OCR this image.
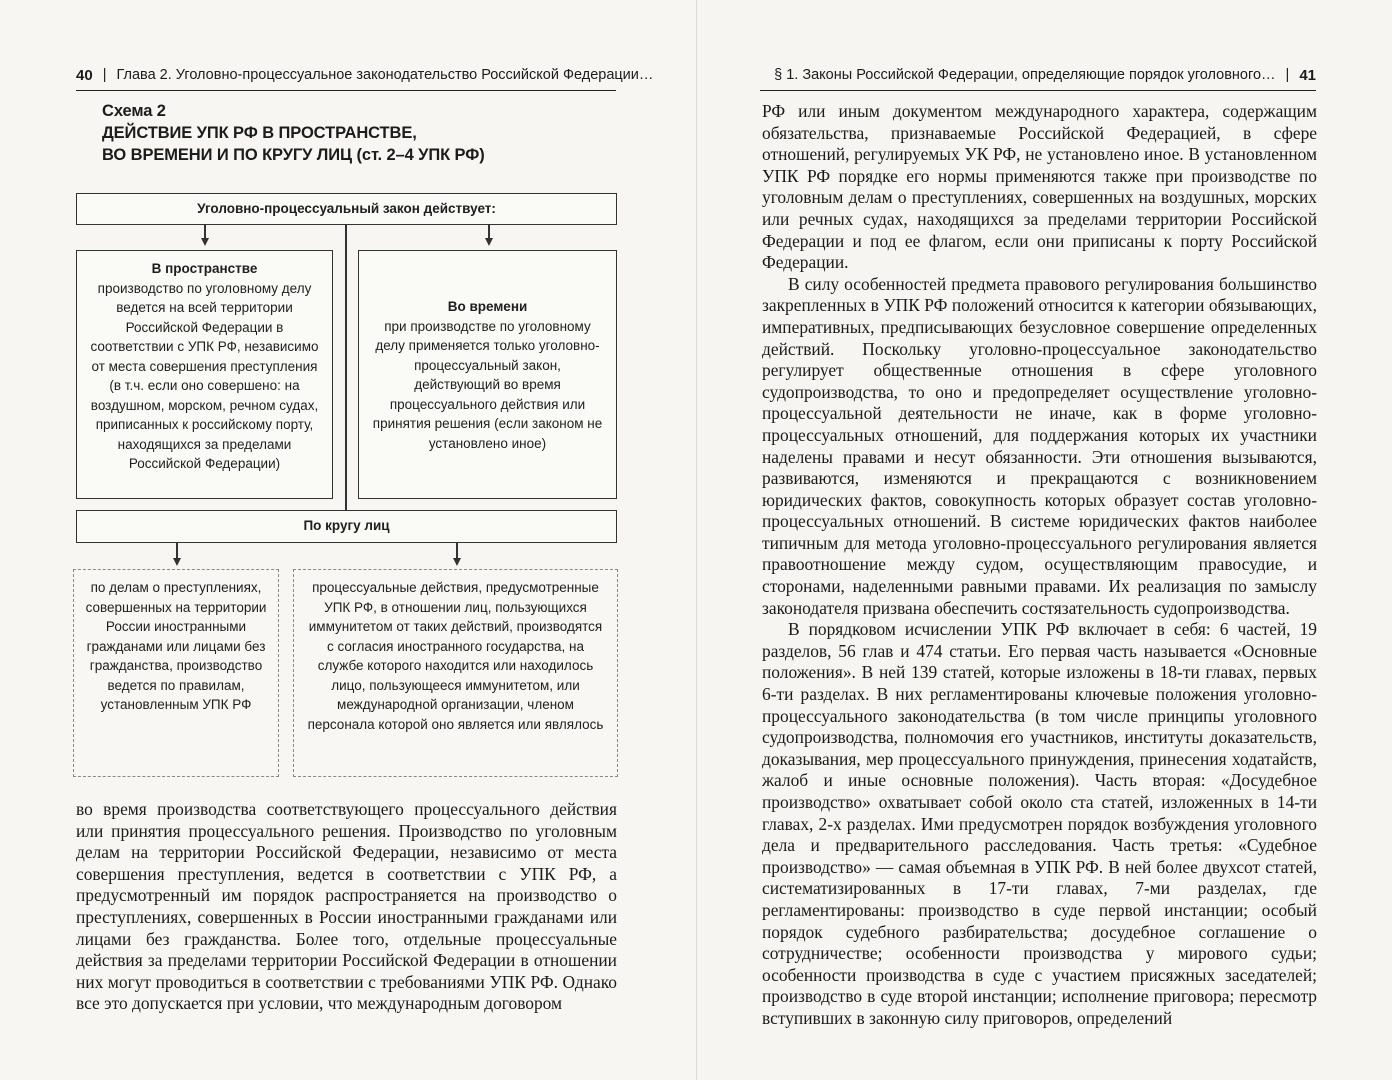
40 | Глава 2. Уголовно-процессуальное законодательство Российской Федерации…
Схема 2
ДЕЙСТВИЕ УПК РФ В ПРОСТРАНСТВЕ,
ВО ВРЕМЕНИ И ПО КРУГУ ЛИЦ (ст. 2–4 УПК РФ)
Уголовно-процессуальный закон действует:
В пространстве
производство по уголовному делу ведется на всей территории Российской Федерации в соответствии с УПК РФ, независимо от места совершения преступления (в т.ч. если оно совершено: на воздушном, морском, речном судах, приписанных к российскому порту, находящихся за пределами Российской Федерации)
Во времени
при производстве по уголовному делу применяется только уголовно-процессуальный закон, действующий во время процессуального действия или принятия решения (если законом не установлено иное)
По кругу лиц
по делам о преступлениях, совершенных на территории России иностранными гражданами или лицами без гражданства, производство ведется по правилам, установленным УПК РФ
процессуальные действия, предусмотренные УПК РФ, в отношении лиц, пользующихся иммунитетом от таких действий, производятся с согласия иностранного государства, на службе которого находится или находилось лицо, пользующееся иммунитетом, или международной организации, членом персонала которой оно является или являлось

во время производства соответствующего процессуального действия или принятия процессуального решения. Производство по уголовным делам на территории Российской Федерации, независимо от места совершения преступления, ведется в соответствии с УПК РФ, а предусмотренный им порядок распространяется на производство о преступлениях, совершенных в России иностранными гражданами или лицами без гражданства. Более того, отдельные процессуальные действия за пределами территории Российской Федерации в отношении них могут проводиться в соответствии с требованиями УПК РФ. Однако все это допускается при условии, что международным договором

§ 1. Законы Российской Федерации, определяющие порядок уголовного… | 41

РФ или иным документом международного характера, содержащим обязательства, признаваемые Российской Федерацией, в сфере отношений, регулируемых УК РФ, не установлено иное. В установленном УПК РФ порядке его нормы применяются также при производстве по уголовным делам о преступлениях, совершенных на воздушных, морских или речных судах, находящихся за пределами территории Российской Федерации и под ее флагом, если они приписаны к порту Российской Федерации.

В силу особенностей предмета правового регулирования большинство закрепленных в УПК РФ положений относится к категории обязывающих, императивных, предписывающих безусловное совершение определенных действий. Поскольку уголовно-процессуальное законодательство регулирует общественные отношения в сфере уголовного судопроизводства, то оно и предопределяет осуществление уголовно-процессуальной деятельности не иначе, как в форме уголовно-процессуальных отношений, для поддержания которых их участники наделены правами и несут обязанности. Эти отношения вызываются, развиваются, изменяются и прекращаются с возникновением юридических фактов, совокупность которых образует состав уголовно-процессуальных отношений. В системе юридических фактов наиболее типичным для метода уголовно-процессуального регулирования является правоотношение между судом, осуществляющим правосудие, и сторонами, наделенными равными правами. Их реализация по замыслу законодателя призвана обеспечить состязательность судопроизводства.

В порядковом исчислении УПК РФ включает в себя: 6 частей, 19 разделов, 56 глав и 474 статьи. Его первая часть называется «Основные положения». В ней 139 статей, которые изложены в 18-ти главах, первых 6-ти разделах. В них регламентированы ключевые положения уголовно-процессуального законодательства (в том числе принципы уголовного судопроизводства, полномочия его участников, институты доказательств, доказывания, мер процессуального принуждения, принесения ходатайств, жалоб и иные основные положения). Часть вторая: «Досудебное производство» охватывает собой около ста статей, изложенных в 14-ти главах, 2-х разделах. Ими предусмотрен порядок возбуждения уголовного дела и предварительного расследования. Часть третья: «Судебное производство» — самая объемная в УПК РФ. В ней более двухсот статей, систематизированных в 17-ти главах, 7-ми разделах, где регламентированы: производство в суде первой инстанции; особый порядок судебного разбирательства; досудебное соглашение о сотрудничестве; особенности производства у мирового судьи; особенности производства в суде с участием присяжных заседателей; производство в суде второй инстанции; исполнение приговора; пересмотр вступивших в законную силу приговоров, определений
